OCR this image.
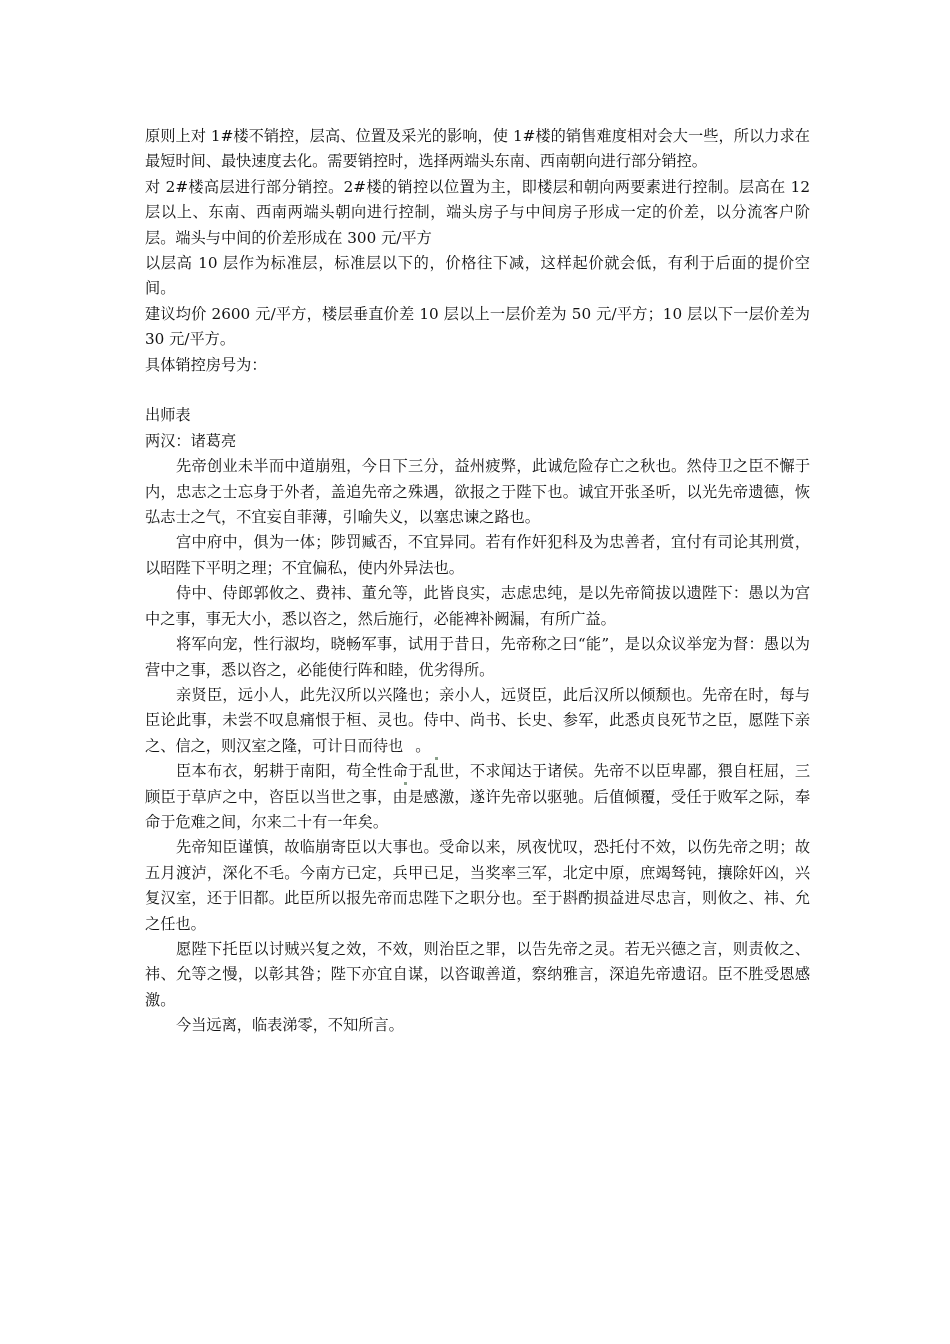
原则上对 1#楼不销控，层高、位置及采光的影响，使 1#楼的销售难度相对会大一些，所以力求在最短时间、最快速度去化。需要销控时，选择两端头东南、西南朝向进行部分销控。

对 2#楼高层进行部分销控。2#楼的销控以位置为主，即楼层和朝向两要素进行控制。层高在 12 层以上、东南、西南两端头朝向进行控制，端头房子与中间房子形成一定的价差，以分流客户阶层。端头与中间的价差形成在 300 元/平方

以层高 10 层作为标准层，标准层以下的，价格往下减，这样起价就会低，有利于后面的提价空间。

建议均价 2600 元/平方，楼层垂直价差 10 层以上一层价差为 50 元/平方；10 层以下一层价差为 30 元/平方。

具体销控房号为：

出师表

两汉：诸葛亮

先帝创业未半而中道崩殂，今日下三分，益州疲弊，此诚危险存亡之秋也。然侍卫之臣不懈于内，忠志之士忘身于外者，盖追先帝之殊遇，欲报之于陛下也。诚宜开张圣听，以光先帝遗德，恢弘志士之气，不宜妄自菲薄，引喻失义，以塞忠谏之路也。

宫中府中，俱为一体；陟罚臧否，不宜异同。若有作奸犯科及为忠善者，宜付有司论其刑赏，以昭陛下平明之理；不宜偏私，使内外异法也。

侍中、侍郎郭攸之、费祎、董允等，此皆良实，志虑忠纯，是以先帝简拔以遗陛下：愚以为宫中之事，事无大小，悉以咨之，然后施行，必能裨补阙漏，有所广益。

将军向宠，性行淑均，晓畅军事，试用于昔日，先帝称之曰“能”，是以众议举宠为督：愚以为营中之事，悉以咨之，必能使行阵和睦，优劣得所。

亲贤臣，远小人，此先汉所以兴隆也；亲小人，远贤臣，此后汉所以倾颓也。先帝在时，每与臣论此事，未尝不叹息痛恨于桓、灵也。侍中、尚书、长史、参军，此悉贞良死节之臣，愿陛下亲之、信之，则汉室之隆，可计日而待也 。

臣本布衣，躬耕于南阳，苟全性命于乱世，不求闻达于诸侯。先帝不以臣卑鄙，猥自枉屈，三顾臣于草庐之中，咨臣以当世之事，由是感激，遂许先帝以驱驰。后值倾覆，受任于败军之际，奉命于危难之间，尔来二十有一年矣。

先帝知臣谨慎，故临崩寄臣以大事也。受命以来，夙夜忧叹，恐托付不效，以伤先帝之明；故五月渡泸，深化不毛。今南方已定，兵甲已足，当奖率三军，北定中原，庶竭驽钝，攘除奸凶，兴复汉室，还于旧都。此臣所以报先帝而忠陛下之职分也。至于斟酌损益进尽忠言，则攸之、祎、允之任也。

愿陛下托臣以讨贼兴复之效，不效，则治臣之罪，以告先帝之灵。若无兴德之言，则责攸之、祎、允等之慢，以彰其咎；陛下亦宜自谋，以咨诹善道，察纳雅言，深追先帝遗诏。臣不胜受恩感激。

今当远离，临表涕零，不知所言。
